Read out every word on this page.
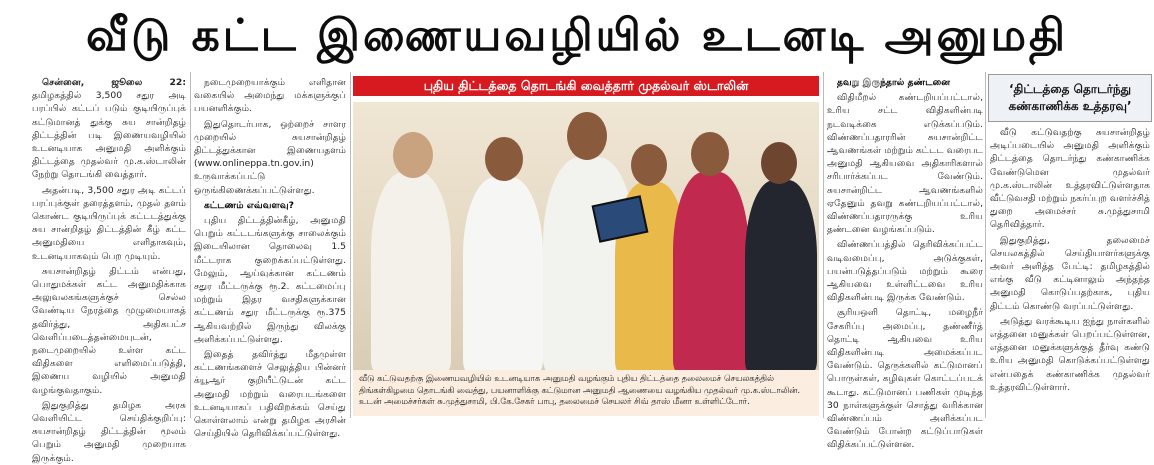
வீடு கட்ட இணையவழியில் உடனடி அனுமதி

சென்னை, ஜூலை 22: தமிழகத்தில் 3,500 சதுர அடி பரப்பில் கட்டப் படும் குடியிருப்புக் கட்டுமானத் துக்கு சுய சான்றிதழ் திட்டத்தின் படி இணையவழியில் உடனடியாக அனுமதி அளிக்கும் திட்டத்தை முதல்வர் மு.க.ஸ்டாலின் நேற்று தொடங்கி வைத்தார்.

அதன்படி, 3,500 சதுர அடி கட்டப் பரப்புக்குள் தரைத்தளம், முதல் தளம் கொண்ட குடியிருப்புக் கட்டடத்துக்கு சுய சான்றிதழ் திட்டத்தின் கீழ் கட்ட அனுமதியை எளிதாகவும், உடனடியாகவும் பெற முடியும்.

சுயசான்றிதழ் திட்டம் என்பது, பொதுமக்கள் கட்ட அனுமதிக்காக அலுவலகங்களுக்குச் செல்ல வேண்டிய நேரத்தை முழுமையாகத் தவிர்த்து, அதிகபட்ச வெளிப்படைத்தன்மையுடன், நடைமுறையில் உள்ள கட்ட விதிகளை எளிமைப்படுத்தி, இணைய வழியில் அனுமதி வழங்குவதாகும்.

இதுகுறித்து தமிழக அரசு வெளியிட்ட செய்திக்குறிப்பு: சுயசான்றிதழ் திட்டத்தின் மூலம் பெறும் அனுமதி முறையாக இருக்கும்.

நடைமுறையாக்கும் எளிதான வகையில் அமைந்து மக்களுக்குப் பயனளிக்கும்.

இதுதொடர்பாக, ஒற்றைச் சாளர முறையில் சுயசான்றிதழ் திட்டத்துக்கான இணையதளம் (www.onlineppa.tn.gov.in) உருவாக்கப்பட்டு ஒருங்கிணைக்கப்பட்டுள்ளது.

கட்டணம் எவ்வளவு?

புதிய திட்டத்தின்கீழ், அனுமதி பெறும் கட்டடங்களுக்கு சாலைக்கும் இடையிலான தொலைவு 1.5 மீட்டராக குறைக்கப்பட்டுள்ளது. மேலும், ஆய்வுக்கான கட்டணம் சதுர மீட்டருக்கு ரூ.2. கட்டமைப்பு மற்றும் இதர வசதிகளுக்கான கட்டணம் சதுர மீட்டருக்கு ரூ.375 ஆகியவற்றில் இருந்து விலக்கு அளிக்கப்பட்டுள்ளது.

இதைத் தவிர்த்து மீதமுள்ள கட்டணங்களைச் செலுத்திய பின்னர் க்யூஆர் குறியீட்டுடன் கட்ட அனுமதி மற்றும் வரைபடங்களை உடனடியாகப் பதிவிறக்கம் செய்து கொள்ளலாம் என்று தமிழக அரசின் செய்தியில் தெரிவிக்கப்பட்டுள்ளது.

புதிய திட்டத்தை தொடங்கி வைத்தார் முதல்வர் ஸ்டாலின்
வீடு கட்டுவதற்கு இணையவழியில் உடனடியாக அனுமதி வழங்கும் புதிய திட்டத்தை தலைமைச் செயலகத்தில் திங்கள்கிழமை தொடங்கி வைத்து, பயனாளிக்கு கட்டுமான அனுமதி ஆணையை வழங்கிய முதல்வர் மு.க.ஸ்டாலின். உடன் அமைச்சர்கள் சு.முத்துசாமி, பி.கே.சேகர் பாபு, தலைமைச் செயலர் சிவ் தாஸ் மீனா உள்ளிட்டோர்.

தவறு இருந்தால் தண்டனை

விதிமீறல் கண்டறியப்பட்டால், உரிய சட்ட விதிகளின்படி நடவடிக்கை எடுக்கப்படும். விண்ணப்பதாரரின் சுயசான்றிட்ட ஆவணங்கள் மற்றும் கட்டட வரைபட அனுமதி ஆகியவை அதிகாரிகளால் சரிபார்க்கப்பட வேண்டும். சுயசான்றிட்ட ஆவணங்களில் ஏதேனும் தவறு கண்டறியப்பட்டால், விண்ணப்பதாரருக்கு உரிய தண்டனை வழங்கப்படும்.

விண்ணப்பத்தில் தெரிவிக்கப்பட்ட வடிவமைப்பு, அடுக்குகள், பயன்படுத்தப்படும் மற்றும் கூரை ஆகியவை உள்ளிட்டவை உரிய விதிகளின்படி இருக்க வேண்டும்.

சூரியஒளி தொட்டி, மழைநீர் சேகரிப்பு அமைப்பு, தண்ணீர்த் தொட்டி ஆகியவை உரிய விதிகளின்படி அமைக்கப்பட வேண்டும். தெருக்களில் கட்டுமானப் பொருள்கள், கழிவுகள் கொட்டப்படக் கூடாது. கட்டுமானப் பணிகள் முடிந்த 30 நாள்களுக்குள் சொத்து வரிக்கான விண்ணப்பம் அளிக்கப்பட வேண்டும் போன்ற கட்டுப்பாடுகள் விதிக்கப்பட்டுள்ளன.

‘திட்டத்தை தொடர்ந்து கண்காணிக்க உத்தரவு’

வீடு கட்டுவதற்கு சுயசான்றிதழ் அடிப்படையில் அனுமதி அளிக்கும் திட்டத்தை தொடர்ந்து கண்காணிக்க வேண்டுமென முதல்வர் மு.க.ஸ்டாலின் உத்தரவிட்டுள்ளதாக வீட்டுவசதி மற்றும் நகர்ப்புற வளர்ச்சித் துறை அமைச்சர் சு.முத்துசாமி தெரிவித்தார்.

இதுகுறித்து, தலைமைச் செயலகத்தில் செய்தியாளர்களுக்கு அவர் அளித்த பேட்டி: தமிழகத்தில் எங்கு வீடு கட்டினாலும் அந்தந்த அனுமதி கொடுப்பதற்காக, புதிய திட்டம் கொண்டு வரப்பட்டுள்ளது.

அடுத்து வரக்கூடிய ஐந்து நாள்களில் எத்தனை மனுக்கள் பெறப்பட்டுள்ளன, எத்தனை மனுக்களுக்குத் தீர்வு கண்டு உரிய அனுமதி கொடுக்கப்பட்டுள்ளது என்பதைக் கண்காணிக்க முதல்வர் உத்தரவிட்டுள்ளார்.
